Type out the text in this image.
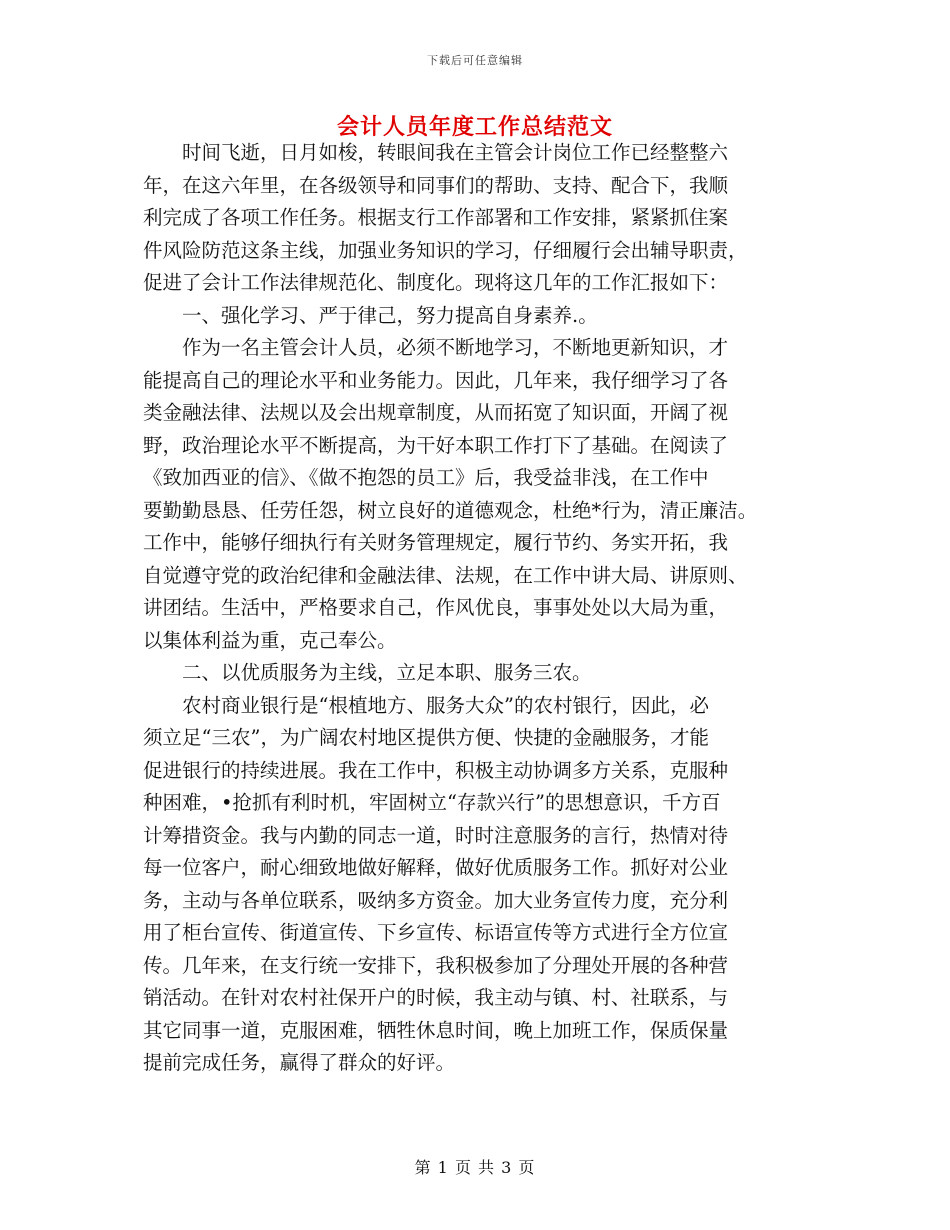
下载后可任意编辑
会计人员年度工作总结范文
　　时间飞逝，日月如梭，转眼间我在主管会计岗位工作已经整整六
年，在这六年里，在各级领导和同事们的帮助、支持、配合下，我顺
利完成了各项工作任务。根据支行工作部署和工作安排，紧紧抓住案
件风险防范这条主线，加强业务知识的学习，仔细履行会出辅导职责，
促进了会计工作法律规范化、制度化。现将这几年的工作汇报如下：
　　一、强化学习、严于律己，努力提高自身素养.。
　　作为一名主管会计人员，必须不断地学习，不断地更新知识，才
能提高自己的理论水平和业务能力。因此，几年来，我仔细学习了各
类金融法律、法规以及会出规章制度，从而拓宽了知识面，开阔了视
野，政治理论水平不断提高，为干好本职工作打下了基础。在阅读了
《致加西亚的信》、《做不抱怨的员工》后，我受益非浅，在工作中
要勤勤恳恳、任劳任怨，树立良好的道德观念，杜绝*行为，清正廉洁。
工作中，能够仔细执行有关财务管理规定，履行节约、务实开拓，我
自觉遵守党的政治纪律和金融法律、法规，在工作中讲大局、讲原则、
讲团结。生活中，严格要求自己，作风优良，事事处处以大局为重，
以集体利益为重，克己奉公。
　　二、以优质服务为主线，立足本职、服务三农。
　　农村商业银行是“根植地方、服务大众”的农村银行，因此，必
须立足“三农”，为广阔农村地区提供方便、快捷的金融服务，才能
促进银行的持续进展。我在工作中，积极主动协调多方关系，克服种
种困难，•抢抓有利时机，牢固树立“存款兴行”的思想意识，千方百
计筹措资金。我与内勤的同志一道，时时注意服务的言行，热情对待
每一位客户，耐心细致地做好解释，做好优质服务工作。抓好对公业
务，主动与各单位联系，吸纳多方资金。加大业务宣传力度，充分利
用了柜台宣传、街道宣传、下乡宣传、标语宣传等方式进行全方位宣
传。几年来，在支行统一安排下，我积极参加了分理处开展的各种营
销活动。在针对农村社保开户的时候，我主动与镇、村、社联系，与
其它同事一道，克服困难，牺牲休息时间，晚上加班工作，保质保量
提前完成任务，赢得了群众的好评。
第 1 页 共 3 页
